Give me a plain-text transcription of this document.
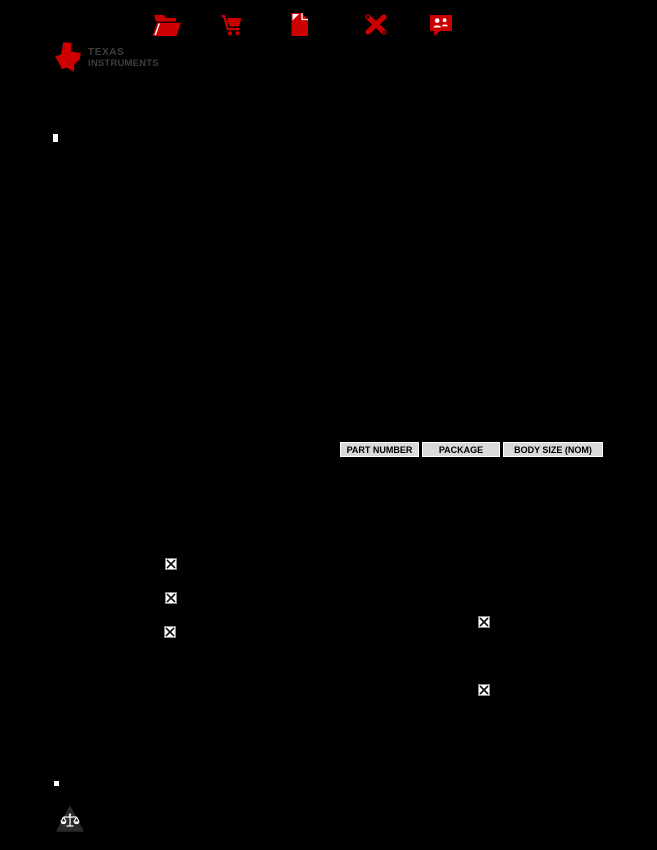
TEXAS
INSTRUMENTS
PART NUMBER	PACKAGE	BODY SIZE (NOM)
